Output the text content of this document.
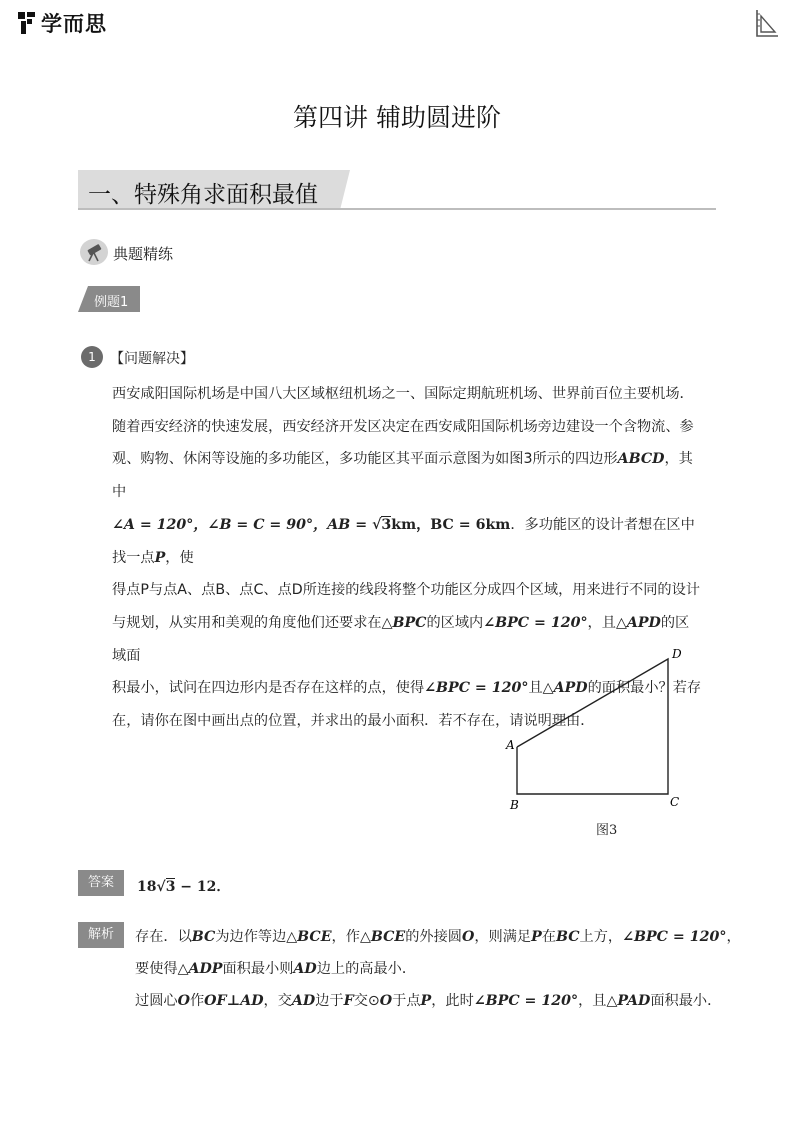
学而思
第四讲 辅助圆进阶
一、特殊角求面积最值
典题精练
例题1
1	【问题解决】
西安咸阳国际机场是中国八大区域枢纽机场之一、国际定期航班机场、世界前百位主要机场．
随着西安经济的快速发展，西安经济开发区决定在西安咸阳国际机场旁边建设一个含物流、参
观、购物、休闲等设施的多功能区，多功能区其平面示意图为如图3所示的四边形ABCD，其中
∠A = 120°，∠B = C = 90°，AB = √3km，BC = 6km．多功能区的设计者想在区中找一点P，使
得点P与点A、点B、点C、点D所连接的线段将整个功能区分成四个区域，用来进行不同的设计
与规划，从实用和美观的角度他们还要求在△BPC的区域内∠BPC = 120°，且△APD的区域面
积最小，试问在四边形内是否存在这样的点，使得∠BPC = 120°且△APD的面积最小？若存
在，请你在图中画出点的位置，并求出的最小面积．若不存在，请说明理由．
A
B	C
D
图3
答案	18√3 − 12．
解析	存在．以BC为边作等边△BCE，作△BCE的外接圆O，则满足P在BC上方，∠BPC = 120°，
要使得△ADP面积最小则AD边上的高最小．
过圆心O作OF⊥AD，交AD边于F交⊙O于点P，此时∠BPC = 120°，且△PAD面积最小．
